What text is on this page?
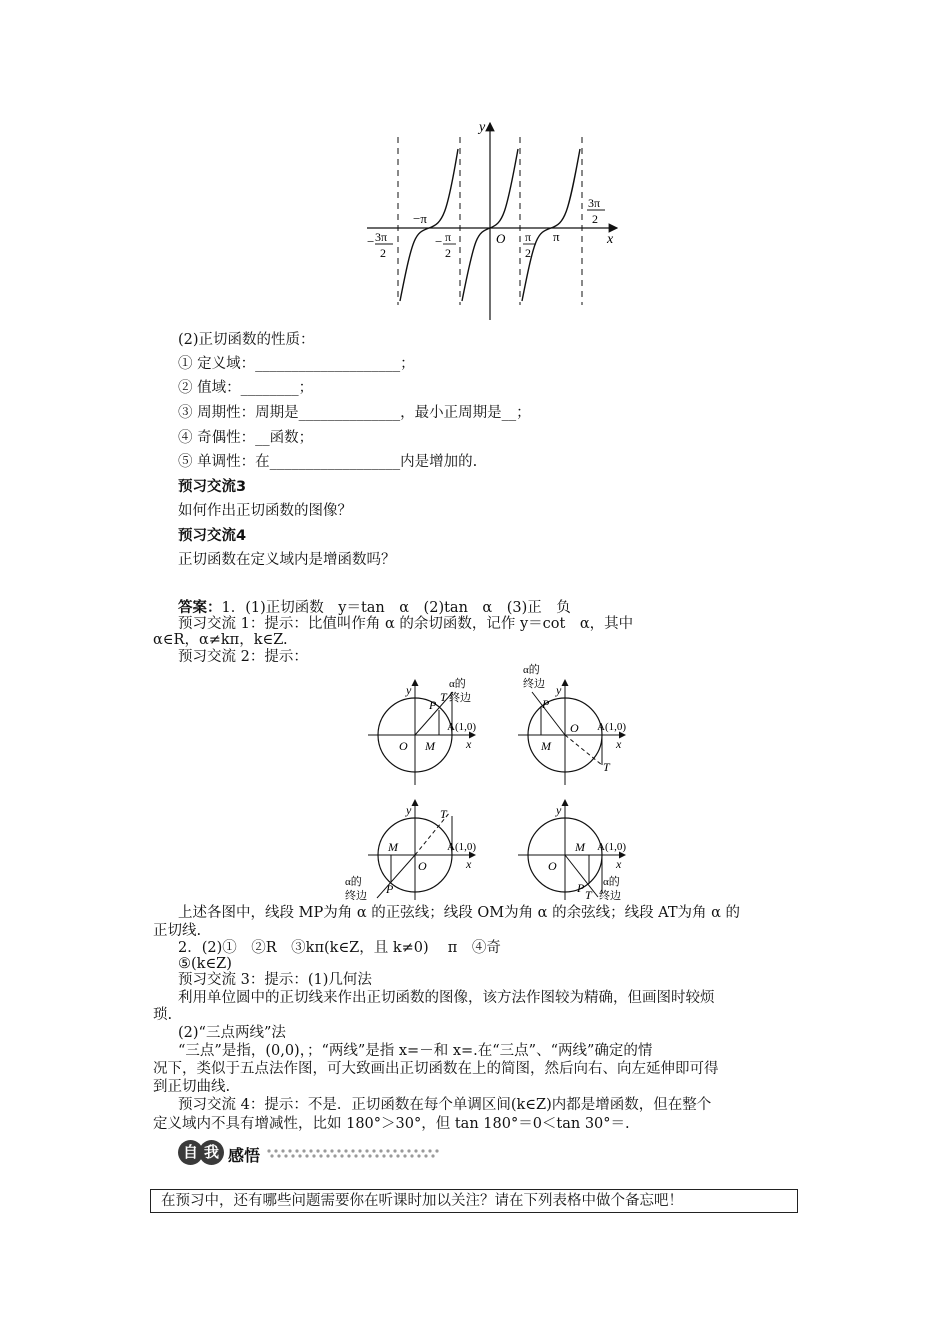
y
x
O
−π
π
− 3π
2
− π
2
π
2
3π
2
(2)正切函数的性质：
① 定义域：____________________；
② 值域：________；
③ 周期性：周期是______________，最小正周期是__；
④ 奇偶性：__函数；
⑤ 单调性：在__________________内是增加的.
预习交流3
如何作出正切函数的图像？
预习交流4
正切函数在定义域内是增函数吗？
答案：1．(1)正切函数　y＝tan　α　(2)tan　α　(3)正　负
预习交流 1：提示：比值叫作角 α 的余切函数，记作 y＝cot　α，其中
α∈R，α≠kπ，k∈Z.
预习交流 2：提示：
y
x
O M
P
T
A(1,0)
α的
终边
y
x
O
M
P
T
A(1,0)
α的
终边
y
x
O
M
P
T
A(1,0)
α的
终边
y
x
O
M
P T
A(1,0)
α的
终边
上述各图中，线段 MP为角 α 的正弦线；线段 OM为角 α 的余弦线；线段 AT为角 α 的
正切线.
2．(2)①　②R　③kπ(k∈Z，且 k≠0)　 π　④奇
⑤(k∈Z)
预习交流 3：提示：(1)几何法
利用单位圆中的正切线来作出正切函数的图像，该方法作图较为精确，但画图时较烦
琐.
(2)“三点两线”法
“三点”是指，(0,0)，；“两线”是指 x=－和 x=.在“三点”、“两线”确定的情
况下，类似于五点法作图，可大致画出正切函数在上的简图，然后向右、向左延伸即可得
到正切曲线.
预习交流 4：提示：不是．正切函数在每个单调区间(k∈Z)内都是增函数，但在整个
定义域内不具有增减性，比如 180°＞30°，但 tan 180°＝0＜tan 30°＝.
自 我 感悟
在预习中，还有哪些问题需要你在听课时加以关注？请在下列表格中做个备忘吧！
